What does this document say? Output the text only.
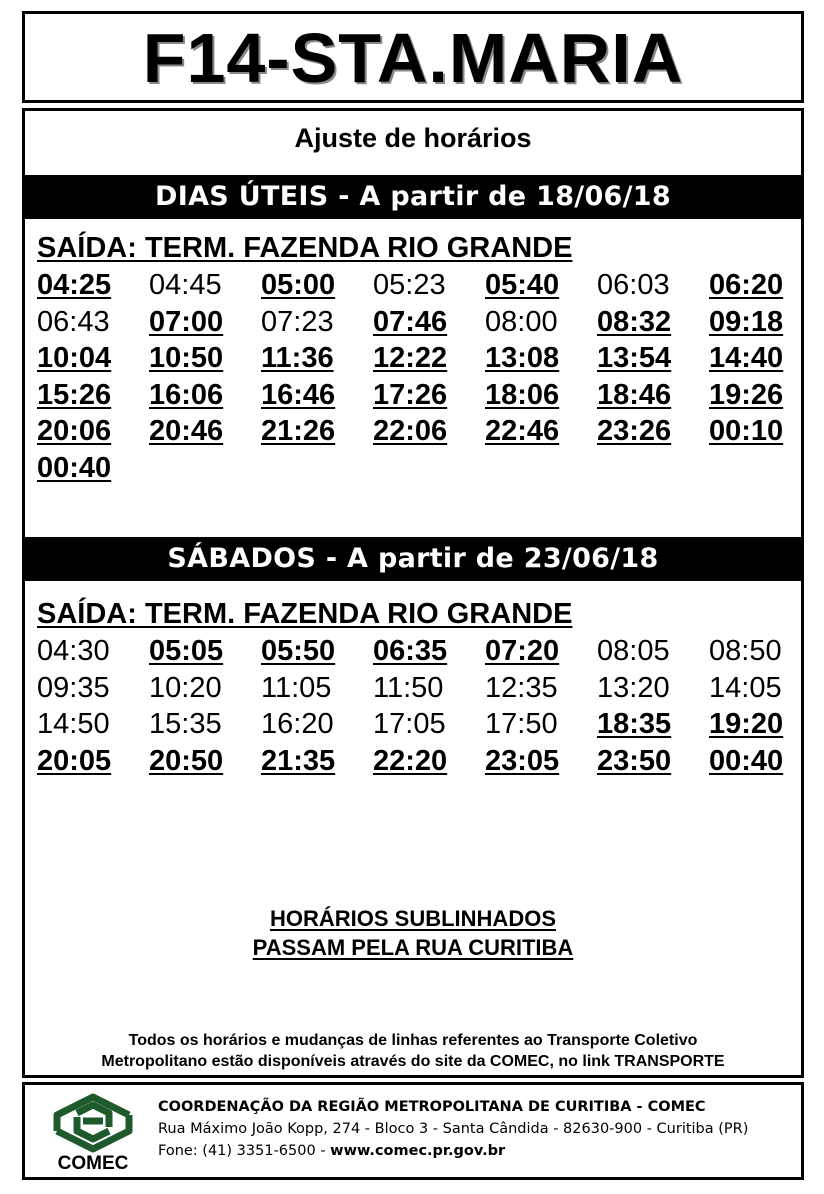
F14-STA.MARIA
Ajuste de horários
DIAS ÚTEIS - A partir de 18/06/18
SAÍDA: TERM. FAZENDA RIO GRANDE
04:25	04:45	05:00	05:23	05:40	06:03	06:20
06:43	07:00	07:23	07:46	08:00	08:32	09:18
10:04	10:50	11:36	12:22	13:08	13:54	14:40
15:26	16:06	16:46	17:26	18:06	18:46	19:26
20:06	20:46	21:26	22:06	22:46	23:26	00:10
00:40
SÁBADOS - A partir de 23/06/18
SAÍDA: TERM. FAZENDA RIO GRANDE
04:30	05:05	05:50	06:35	07:20	08:05	08:50
09:35	10:20	11:05	11:50	12:35	13:20	14:05
14:50	15:35	16:20	17:05	17:50	18:35	19:20
20:05	20:50	21:35	22:20	23:05	23:50	00:40
HORÁRIOS SUBLINHADOS
PASSAM PELA RUA CURITIBA
Todos os horários e mudanças de linhas referentes ao Transporte Coletivo
Metropolitano estão disponíveis através do site da COMEC, no link TRANSPORTE
COMEC
COORDENAÇÃO DA REGIÃO METROPOLITANA DE CURITIBA - COMEC
Rua Máximo João Kopp, 274 - Bloco 3 - Santa Cândida - 82630-900 - Curitiba (PR)
Fone: (41) 3351-6500 - www.comec.pr.gov.br
